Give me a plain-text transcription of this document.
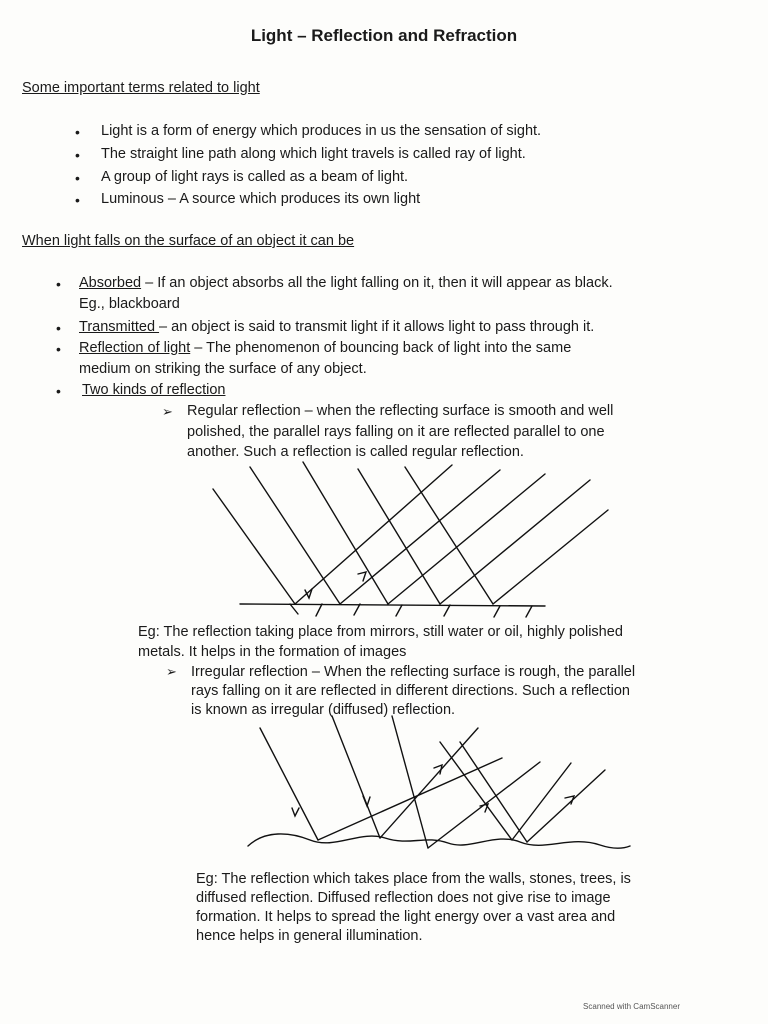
Light – Reflection and Refraction
Some important terms related to light
• Light is a form of energy which produces in us the sensation of sight.
• The straight line path along which light travels is called ray of light.
• A group of light rays is called as a beam of light.
• Luminous – A source which produces its own light
When light falls on the surface of an object it can be
• Absorbed – If an object absorbs all the light falling on it, then it will appear as black.
Eg., blackboard
• Transmitted – an object is said to transmit light if it allows light to pass through it.
• Reflection of light – The phenomenon of bouncing back of light into the same
medium on striking the surface of any object.
• Two kinds of reflection
➢ Regular reflection – when the reflecting surface is smooth and well
polished, the parallel rays falling on it are reflected parallel to one
another. Such a reflection is called regular reflection.
Eg: The reflection taking place from mirrors, still water or oil, highly polished
metals. It helps in the formation of images
➢ Irregular reflection – When the reflecting surface is rough, the parallel
rays falling on it are reflected in different directions. Such a reflection
is known as irregular (diffused) reflection.
Eg: The reflection which takes place from the walls, stones, trees, is
diffused reflection. Diffused reflection does not give rise to image
formation. It helps to spread the light energy over a vast area and
hence helps in general illumination.
Scanned with CamScanner
